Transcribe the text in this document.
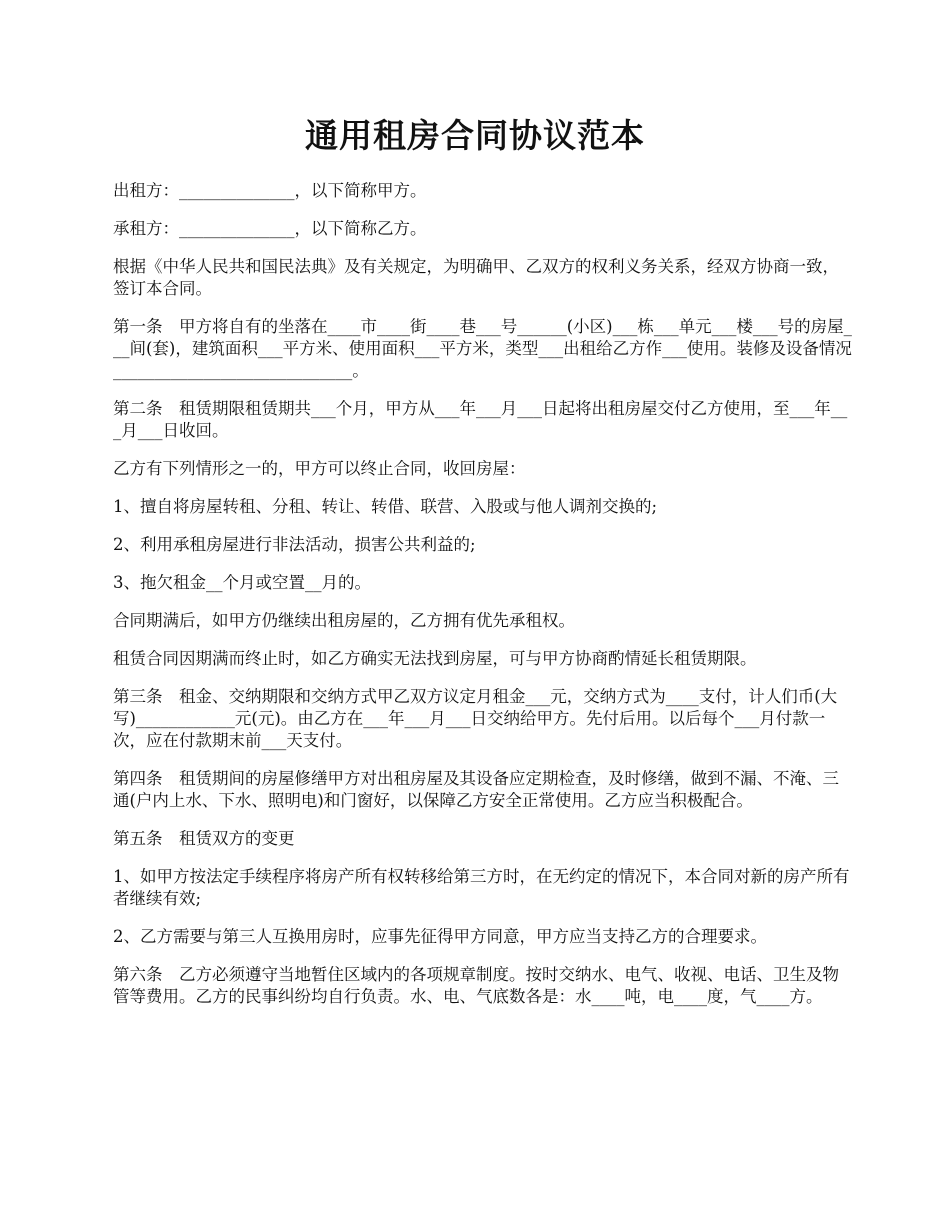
通用租房合同协议范本

出租方：______________，以下简称甲方。

承租方：______________，以下简称乙方。

根据《中华人民共和国民法典》及有关规定，为明确甲、乙双方的权利义务关系，经双方协商一致，签订本合同。

第一条　甲方将自有的坐落在____市____街____巷___号______(小区)___栋___单元___楼___号的房屋___间(套)，建筑面积___平方米、使用面积___平方米，类型___出租给乙方作___使用。装修及设备情况_____________________________。

第二条　租赁期限租赁期共___个月，甲方从___年___月___日起将出租房屋交付乙方使用，至___年___月___日收回。

乙方有下列情形之一的，甲方可以终止合同，收回房屋：

1、擅自将房屋转租、分租、转让、转借、联营、入股或与他人调剂交换的;

2、利用承租房屋进行非法活动，损害公共利益的;

3、拖欠租金__个月或空置__月的。

合同期满后，如甲方仍继续出租房屋的，乙方拥有优先承租权。

租赁合同因期满而终止时，如乙方确实无法找到房屋，可与甲方协商酌情延长租赁期限。

第三条　租金、交纳期限和交纳方式甲乙双方议定月租金___元，交纳方式为____支付，计人们币(大写)____________元(元)。由乙方在___年___月___日交纳给甲方。先付后用。以后每个___月付款一次，应在付款期末前___天支付。

第四条　租赁期间的房屋修缮甲方对出租房屋及其设备应定期检查，及时修缮，做到不漏、不淹、三通(户内上水、下水、照明电)和门窗好，以保障乙方安全正常使用。乙方应当积极配合。

第五条　租赁双方的变更

1、如甲方按法定手续程序将房产所有权转移给第三方时，在无约定的情况下，本合同对新的房产所有者继续有效;

2、乙方需要与第三人互换用房时，应事先征得甲方同意，甲方应当支持乙方的合理要求。

第六条　乙方必须遵守当地暂住区域内的各项规章制度。按时交纳水、电气、收视、电话、卫生及物管等费用。乙方的民事纠纷均自行负责。水、电、气底数各是：水____吨，电____度，气____方。
